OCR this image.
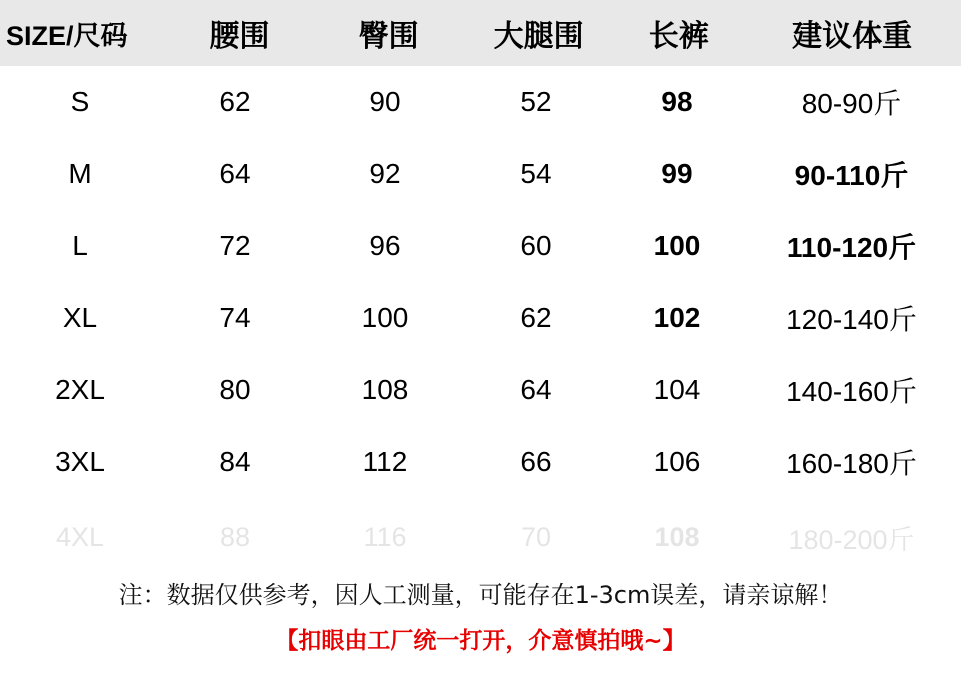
SIZE/尺码	腰围	臀围	大腿围	长裤	建议体重
S	62	90	52	98	80-90斤
M	64	92	54	99	90-110斤
L	72	96	60	100	110-120斤
XL	74	100	62	102	120-140斤
2XL	80	108	64	104	140-160斤
3XL	84	112	66	106	160-180斤
4XL	88	116	70	108	180-200斤
注：数据仅供参考，因人工测量，可能存在1-3cm误差，请亲谅解！
【扣眼由工厂统一打开，介意慎拍哦~】
